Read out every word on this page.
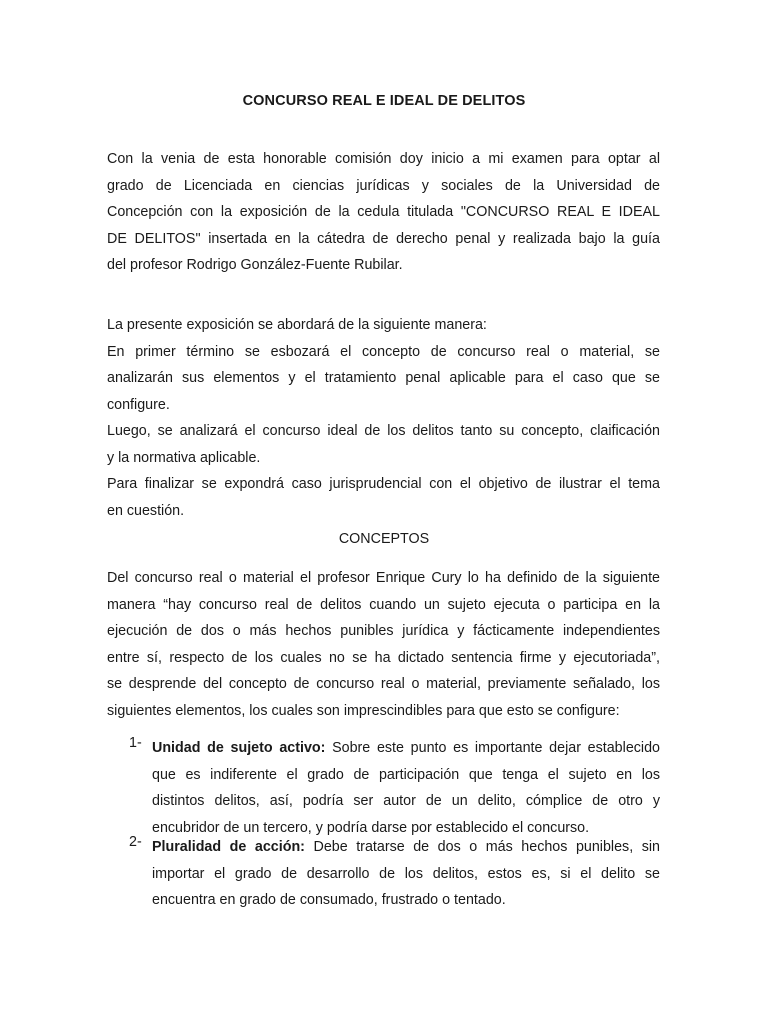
CONCURSO REAL E IDEAL DE DELITOS
Con la venia de esta honorable comisión doy inicio a mi examen para optar al
grado de Licenciada en ciencias jurídicas y sociales de la Universidad de
Concepción con la exposición de la cedula titulada "CONCURSO REAL E IDEAL
DE DELITOS" insertada en la cátedra de derecho penal y realizada bajo la guía
del profesor Rodrigo González-Fuente Rubilar.
La presente exposición se abordará de la siguiente manera:
En primer término se esbozará el concepto de concurso real o material, se
analizarán sus elementos y el tratamiento penal aplicable para el caso que se
configure.
Luego, se analizará el concurso ideal de los delitos tanto su concepto, claificación
y la normativa aplicable.
Para finalizar se expondrá caso jurisprudencial con el objetivo de ilustrar el tema
en cuestión.
CONCEPTOS
Del concurso real o material el profesor Enrique Cury lo ha definido de la siguiente
manera “hay concurso real de delitos cuando un sujeto ejecuta o participa en la
ejecución de dos o más hechos punibles jurídica y fácticamente independientes
entre sí, respecto de los cuales no se ha dictado sentencia firme y ejecutoriada”,
se desprende del concepto de concurso real o material, previamente señalado, los
siguientes elementos, los cuales son imprescindibles para que esto se configure:
1- Unidad de sujeto activo: Sobre este punto es importante dejar establecido
que es indiferente el grado de participación que tenga el sujeto en los
distintos delitos, así, podría ser autor de un delito, cómplice de otro y
encubridor de un tercero, y podría darse por establecido el concurso.
2- Pluralidad de acción: Debe tratarse de dos o más hechos punibles, sin
importar el grado de desarrollo de los delitos, estos es, si el delito se
encuentra en grado de consumado, frustrado o tentado.
